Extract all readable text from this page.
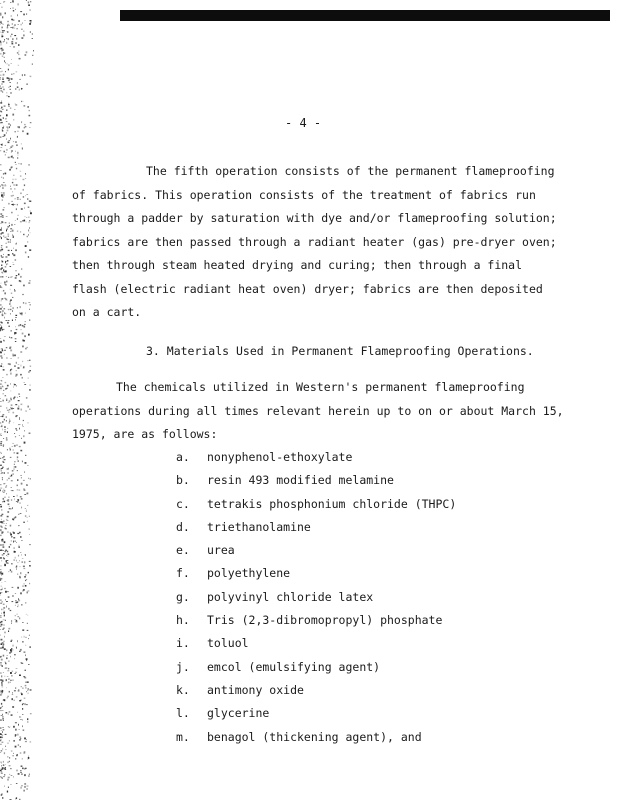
- 4 -
The fifth operation consists of the permanent flameproofing
of fabrics. This operation consists of the treatment of fabrics run
through a padder by saturation with dye and/or flameproofing solution;
fabrics are then passed through a radiant heater (gas) pre-dryer oven;
then through steam heated drying and curing; then through a final
flash (electric radiant heat oven) dryer; fabrics are then deposited
on a cart.
3. Materials Used in Permanent Flameproofing Operations.
The chemicals utilized in Western's permanent flameproofing
operations during all times relevant herein up to on or about March 15,
1975, are as follows:
a.	nonyphenol-ethoxylate
b.	resin 493 modified melamine
c.	tetrakis phosphonium chloride (THPC)
d.	triethanolamine
e.	urea
f.	polyethylene
g.	polyvinyl chloride latex
h.	Tris (2,3-dibromopropyl) phosphate
i.	toluol
j.	emcol (emulsifying agent)
k.	antimony oxide
l.	glycerine
m.	benagol (thickening agent), and
